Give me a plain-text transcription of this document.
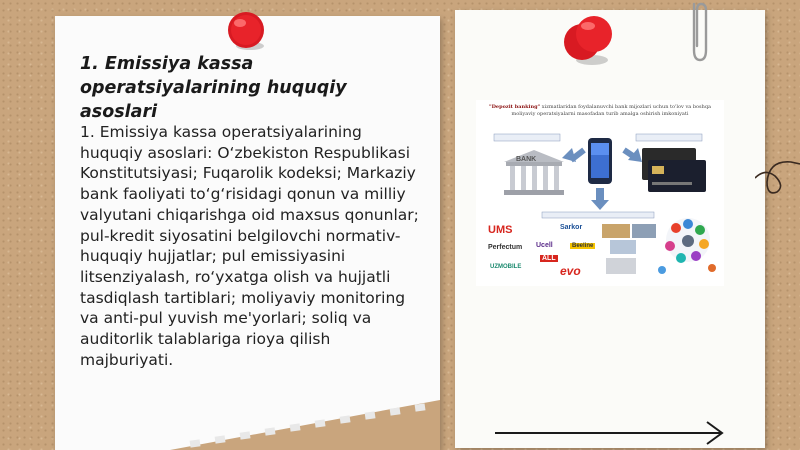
1. Emissiya kassa operatsiyalarining huquqiy asoslari

1. Emissiya kassa operatsiyalarining huquqiy asoslari: O‘zbekiston Respublikasi Konstitutsiyasi; Fuqarolik kodeksi; Markaziy bank faoliyati to‘g‘risidagi qonun va milliy valyutani chiqarishga oid maxsus qonunlar; pul-kredit siyosatini belgilovchi normativ-huquqiy hujjatlar; pul emissiyasini litsenziyalash, ro‘yxatga olish va hujjatli tasdiqlash tartiblari; moliyaviy monitoring va anti-pul yuvish me'yorlari; soliq va auditorlik talablariga rioya qilish majburiyati.

"Depozit banking" xizmatlaridan foydalanuvchi bank mijozlari uchun to'lov va boshqa moliyaviy operatsiyalarni masofadan turib amalga oshirish imkoniyati
BANK
UMS
Perfectum Ucell	Beeline
ALL
UZMOBILE	evo
Sarkor
